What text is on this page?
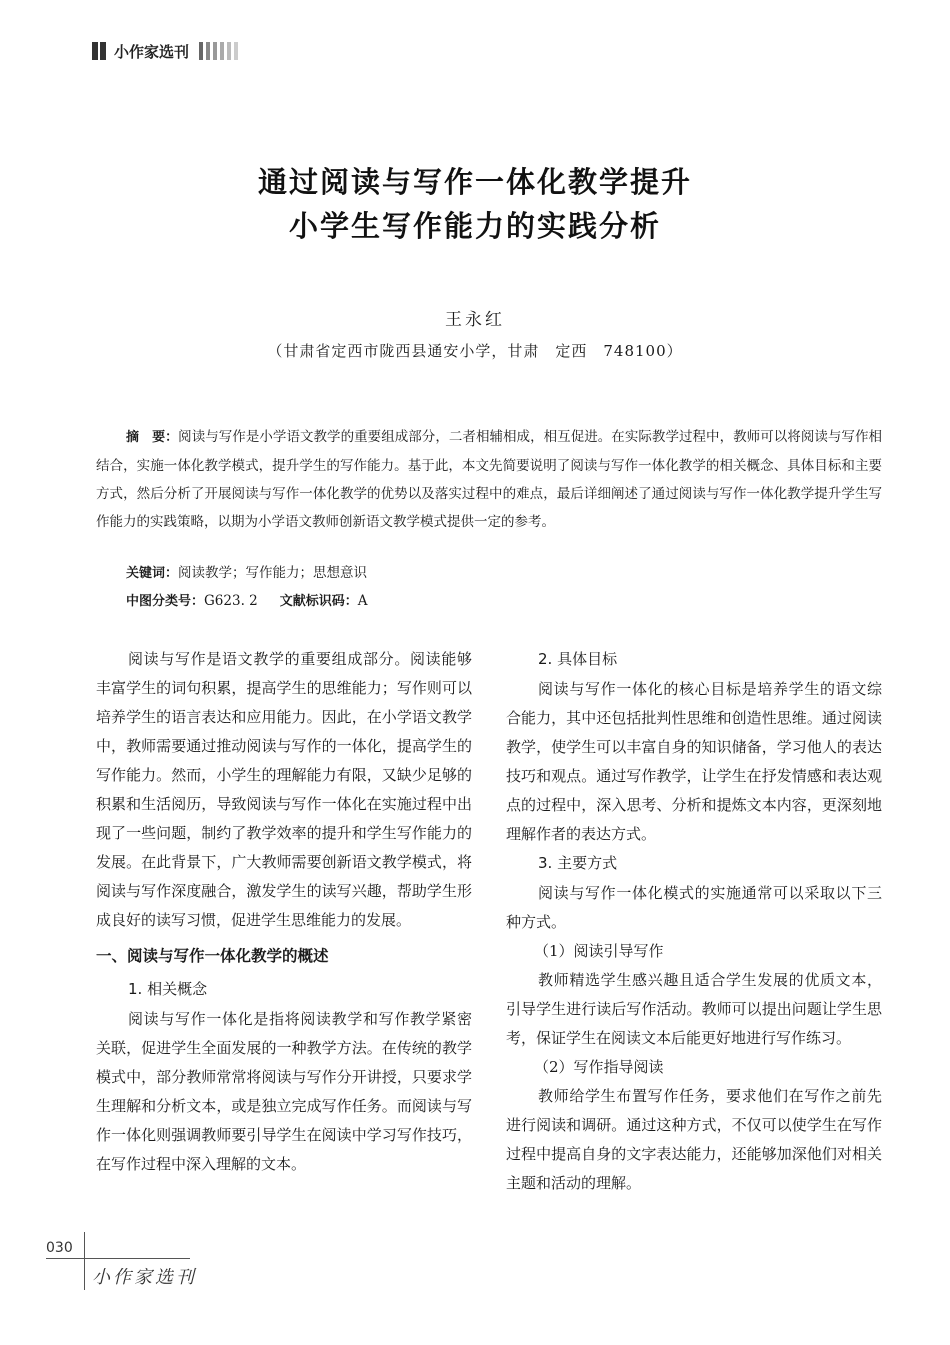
小作家选刊
通过阅读与写作一体化教学提升
小学生写作能力的实践分析
王永红
（甘肃省定西市陇西县通安小学，甘肃　定西　748100）

摘　要：阅读与写作是小学语文教学的重要组成部分，二者相辅相成，相互促进。在实际教学过程中，教师可以将阅读与写作相结合，实施一体化教学模式，提升学生的写作能力。基于此，本文先简要说明了阅读与写作一体化教学的相关概念、具体目标和主要方式，然后分析了开展阅读与写作一体化教学的优势以及落实过程中的难点，最后详细阐述了通过阅读与写作一体化教学提升学生写作能力的实践策略，以期为小学语文教师创新语文教学模式提供一定的参考。

关键词：阅读教学；写作能力；思想意识
中图分类号：G623. 2 文献标识码：A

阅读与写作是语文教学的重要组成部分。阅读能够丰富学生的词句积累，提高学生的思维能力；写作则可以培养学生的语言表达和应用能力。因此，在小学语文教学中，教师需要通过推动阅读与写作的一体化，提高学生的写作能力。然而，小学生的理解能力有限，又缺少足够的积累和生活阅历，导致阅读与写作一体化在实施过程中出现了一些问题，制约了教学效率的提升和学生写作能力的发展。在此背景下，广大教师需要创新语文教学模式，将阅读与写作深度融合，激发学生的读写兴趣，帮助学生形成良好的读写习惯，促进学生思维能力的发展。

一、阅读与写作一体化教学的概述
1. 相关概念

阅读与写作一体化是指将阅读教学和写作教学紧密关联，促进学生全面发展的一种教学方法。在传统的教学模式中，部分教师常常将阅读与写作分开讲授，只要求学生理解和分析文本，或是独立完成写作任务。而阅读与写作一体化则强调教师要引导学生在阅读中学习写作技巧，在写作过程中深入理解的文本。

2. 具体目标

阅读与写作一体化的核心目标是培养学生的语文综合能力，其中还包括批判性思维和创造性思维。通过阅读教学，使学生可以丰富自身的知识储备，学习他人的表达技巧和观点。通过写作教学，让学生在抒发情感和表达观点的过程中，深入思考、分析和提炼文本内容，更深刻地理解作者的表达方式。

3. 主要方式

阅读与写作一体化模式的实施通常可以采取以下三种方式。

（1）阅读引导写作

教师精选学生感兴趣且适合学生发展的优质文本，引导学生进行读后写作活动。教师可以提出问题让学生思考，保证学生在阅读文本后能更好地进行写作练习。

（2）写作指导阅读

教师给学生布置写作任务，要求他们在写作之前先进行阅读和调研。通过这种方式，不仅可以使学生在写作过程中提高自身的文字表达能力，还能够加深他们对相关主题和活动的理解。

030
小作家选刊
